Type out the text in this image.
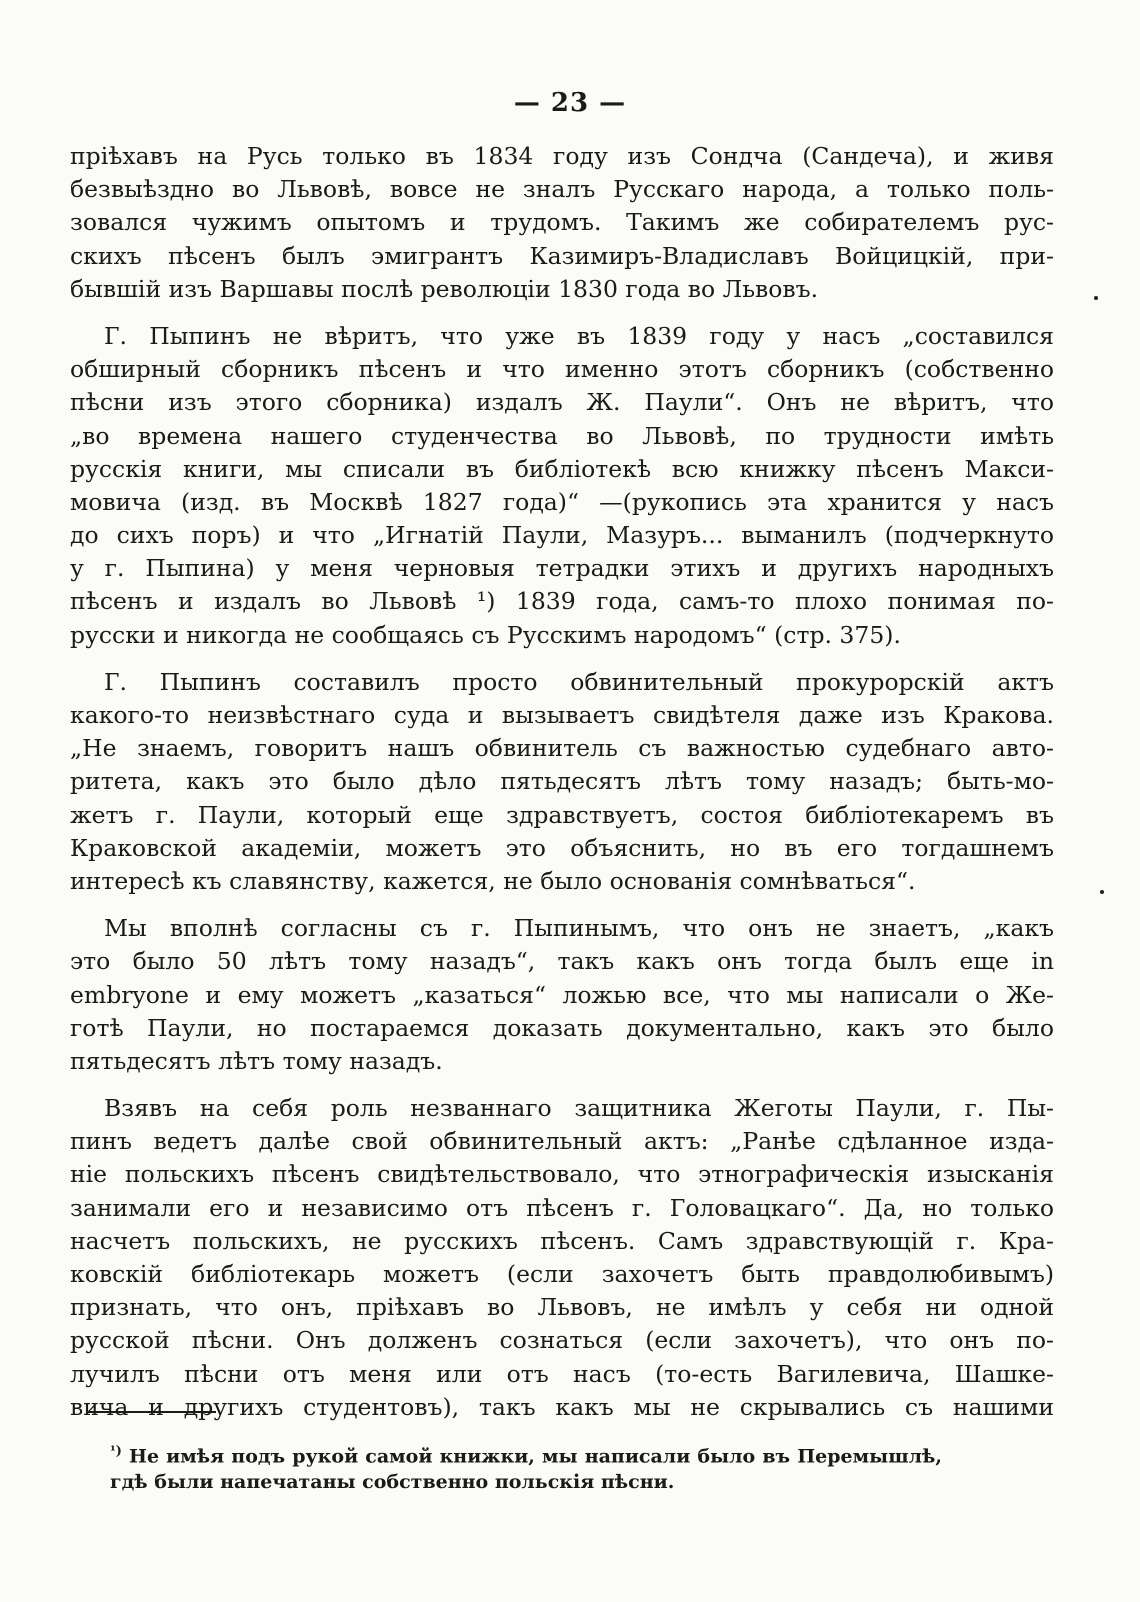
— 23 —
пріѣхавъ на Русь только въ 1834 году изъ Сондча (Сандеча), и живя
безвыѣздно во Львовѣ, вовсе не зналъ Русскаго народа, а только поль-
зовался чужимъ опытомъ и трудомъ. Такимъ же собирателемъ рус-
скихъ пѣсенъ былъ эмигрантъ Казимиръ-Владиславъ Войцицкій, при-
бывшій изъ Варшавы послѣ революціи 1830 года во Львовъ.
Г. Пыпинъ не вѣритъ, что уже въ 1839 году у насъ „составился
обширный сборникъ пѣсенъ и что именно этотъ сборникъ (собственно
пѣсни изъ этого сборника) издалъ Ж. Паули“. Онъ не вѣритъ, что
„во времена нашего студенчества во Львовѣ, по трудности имѣть
русскія книги, мы списали въ библіотекѣ всю книжку пѣсенъ Макси-
мовича (изд. въ Москвѣ 1827 года)“ —(рукопись эта хранится у насъ
до сихъ поръ) и что „Игнатій Паули, Мазуръ... выманилъ (подчеркнуто
у г. Пыпина) у меня черновыя тетрадки этихъ и другихъ народныхъ
пѣсенъ и издалъ во Львовѣ ¹) 1839 года, самъ-то плохо понимая по-
русски и никогда не сообщаясь съ Русскимъ народомъ“ (стр. 375).
Г. Пыпинъ составилъ просто обвинительный прокурорскій актъ
какого-то неизвѣстнаго суда и вызываетъ свидѣтеля даже изъ Кракова.
„Не знаемъ, говоритъ нашъ обвинитель съ важностью судебнаго авто-
ритета, какъ это было дѣло пятьдесятъ лѣтъ тому назадъ; быть-мо-
жетъ г. Паули, который еще здравствуетъ, состоя библіотекаремъ въ
Краковской академіи, можетъ это объяснить, но въ его тогдашнемъ
интересѣ къ славянству, кажется, не было основанія сомнѣваться“.
Мы вполнѣ согласны съ г. Пыпинымъ, что онъ не знаетъ, „какъ
это было 50 лѣтъ тому назадъ“, такъ какъ онъ тогда былъ еще in
embryone и ему можетъ „казаться“ ложью все, что мы написали о Же-
готѣ Паули, но постараемся доказать документально, какъ это было
пятьдесятъ лѣтъ тому назадъ.
Взявъ на себя роль незваннаго защитника Жеготы Паули, г. Пы-
пинъ ведетъ далѣе свой обвинительный актъ: „Ранѣе сдѣланное изда-
ніе польскихъ пѣсенъ свидѣтельствовало, что этнографическія изысканія
занимали его и независимо отъ пѣсенъ г. Головацкаго“. Да, но только
насчетъ польскихъ, не русскихъ пѣсенъ. Самъ здравствующій г. Кра-
ковскій библіотекарь можетъ (если захочетъ быть правдолюбивымъ)
признать, что онъ, пріѣхавъ во Львовъ, не имѣлъ у себя ни одной
русской пѣсни. Онъ долженъ сознаться (если захочетъ), что онъ по-
лучилъ пѣсни отъ меня или отъ насъ (то-есть Вагилевича, Шашке-
вича и другихъ студентовъ), такъ какъ мы не скрывались съ нашими
$^{^1)}$ Не имѣя подъ рукой самой книжки, мы написали было въ Перемышлѣ,
гдѣ были напечатаны собственно польскія пѣсни.
